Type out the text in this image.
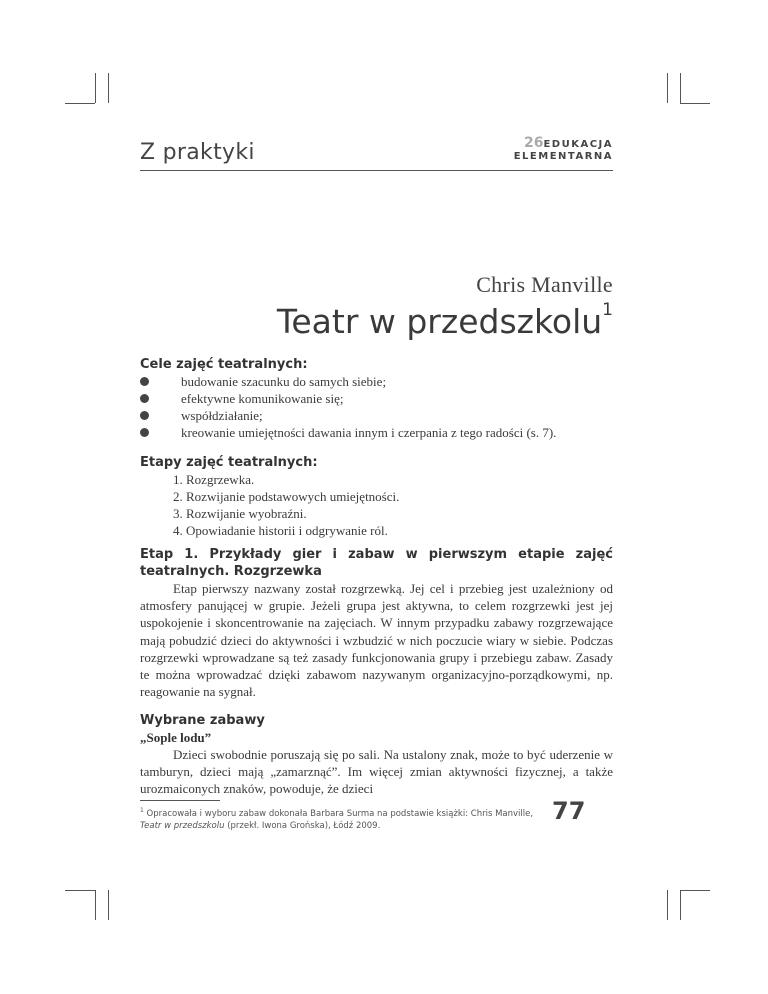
Z praktyki	26EDUKACJA
ELEMENTARNA
Chris Manville
Teatr w przedszkolu$^1$
Cele zajęć teatralnych:
budowanie szacunku do samych siebie;
efektywne komunikowanie się;
współdziałanie;
kreowanie umiejętności dawania innym i czerpania z tego radości (s. 7).
Etapy zajęć teatralnych:
1. Rozgrzewka.
2. Rozwijanie podstawowych umiejętności.
3. Rozwijanie wyobraźni.
4. Opowiadanie historii i odgrywanie ról.
Etap 1. Przykłady gier i zabaw w pierwszym etapie zajęć teatralnych. Rozgrzewka

Etap pierwszy nazwany został rozgrzewką. Jej cel i przebieg jest uzależniony od atmosfery panującej w grupie. Jeżeli grupa jest aktywna, to celem rozgrzewki jest jej uspokojenie i skoncentrowanie na zajęciach. W innym przypadku zabawy rozgrzewające mają pobudzić dzieci do aktywności i wzbudzić w nich poczucie wiary w siebie. Podczas rozgrzewki wprowadzane są też zasady funkcjonowania grupy i przebiegu zabaw. Zasady te można wprowadzać dzięki zabawom nazywanym organizacyjno-porządkowymi, np. reagowanie na sygnał.

Wybrane zabawy
„Sople lodu”

Dzieci swobodnie poruszają się po sali. Na ustalony znak, może to być uderzenie w tamburyn, dzieci mają „zamarznąć”. Im więcej zmian aktywności fizycznej, a także urozmaiconych znaków, powoduje, że dzieci

$^1$ Opracowała i wyboru zabaw dokonała Barbara Surma na podstawie książki: Chris Manville, Teatr w przedszkolu (przekł. Iwona Grońska), Łódź 2009.
77
